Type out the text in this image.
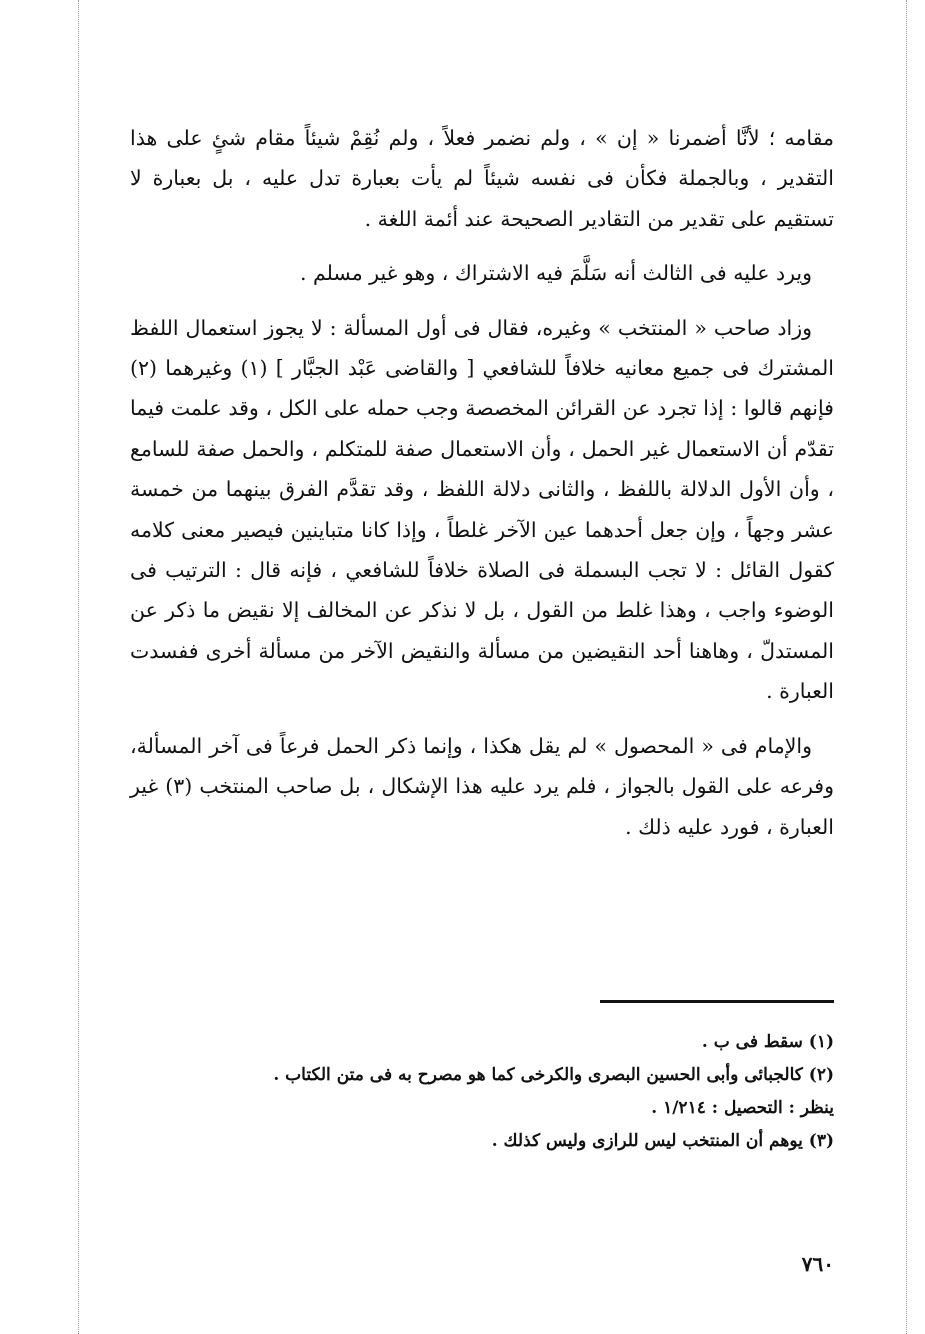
مقامه ؛ لأنَّا أضمرنا « إن » ، ولم نضمر فعلاً ، ولم نُقِمْ شيئاً مقام شئٍ على هذا التقدير ، وبالجملة فكأن فى نفسه شيئاً لم يأت بعبارة تدل عليه ، بل بعبارة لا تستقيم على تقدير من التقادير الصحيحة عند أئمة اللغة .

ويرد عليه فى الثالث أنه سَلَّمَ فيه الاشتراك ، وهو غير مسلم .

وزاد صاحب « المنتخب » وغيره، فقال فى أول المسألة : لا يجوز استعمال اللفظ المشترك فى جميع معانيه خلافاً للشافعي [ والقاضى عَبْد الجبَّار ] (١) وغيرهما (٢) فإنهم قالوا : إذا تجرد عن القرائن المخصصة وجب حمله على الكل ، وقد علمت فيما تقدّم أن الاستعمال غير الحمل ، وأن الاستعمال صفة للمتكلم ، والحمل صفة للسامع ، وأن الأول الدلالة باللفظ ، والثانى دلالة اللفظ ، وقد تقدَّم الفرق بينهما من خمسة عشر وجهاً ، وإن جعل أحدهما عين الآخر غلطاً ، وإذا كانا متباينين فيصير معنى كلامه كقول القائل : لا تجب البسملة فى الصلاة خلافاً للشافعي ، فإنه قال : الترتيب فى الوضوء واجب ، وهذا غلط من القول ، بل لا نذكر عن المخالف إلا نقيض ما ذكر عن المستدلّ ، وهاهنا أحد النقيضين من مسألة والنقيض الآخر من مسألة أخرى ففسدت العبارة .

والإمام فى « المحصول » لم يقل هكذا ، وإنما ذكر الحمل فرعاً فى آخر المسألة، وفرعه على القول بالجواز ، فلم يرد عليه هذا الإشكال ، بل صاحب المنتخب (٣) غير العبارة ، فورد عليه ذلك .

(١) سقط فى ب .

(٢) كالجبائى وأبى الحسين البصرى والكرخى كما هو مصرح به فى متن الكتاب .

ينظر : التحصيل : ١/٢١٤ .

(٣) يوهم أن المنتخب ليس للرازى وليس كذلك .

٧٦٠
